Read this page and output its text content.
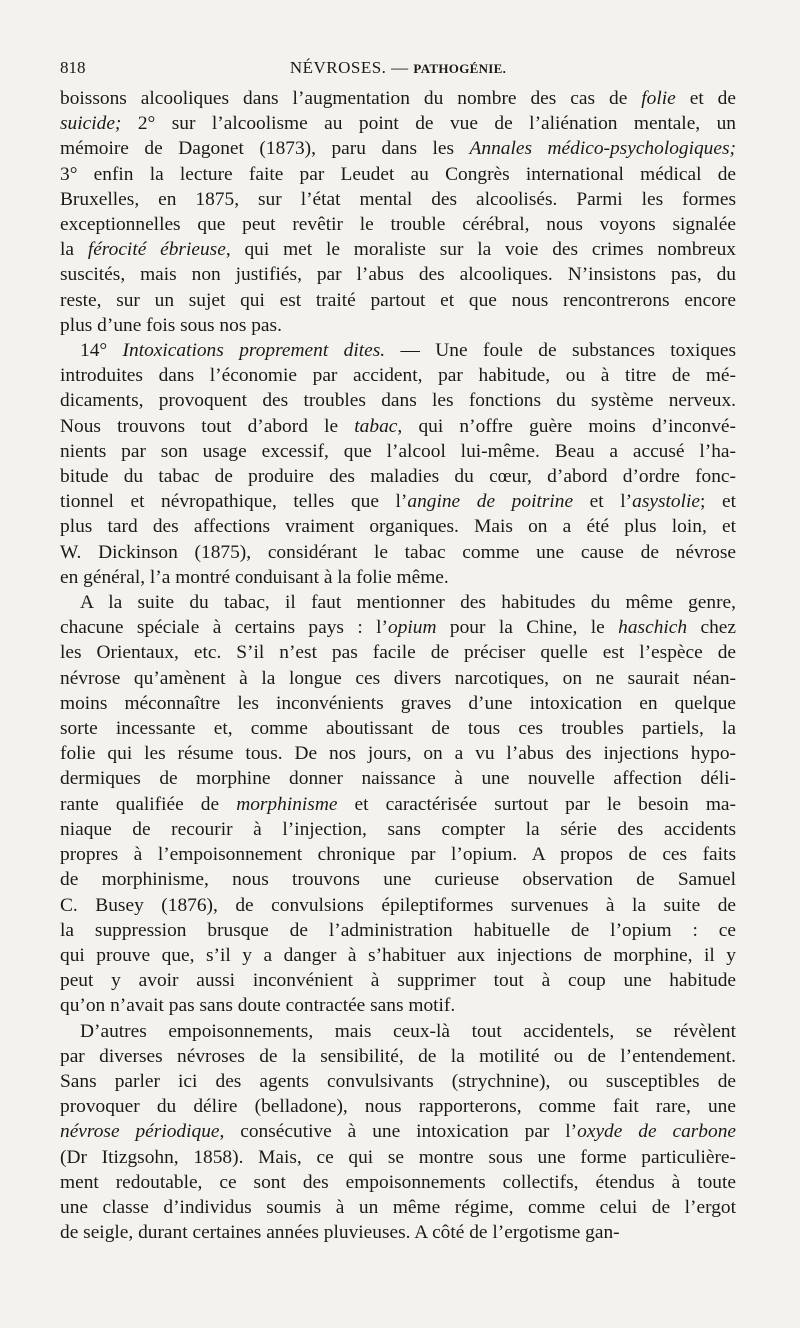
818	NÉVROSES. — PATHOGÉNIE.

boissons alcooliques dans l’augmentation du nombre des cas de folie et de
suicide; 2° sur l’alcoolisme au point de vue de l’aliénation mentale, un
mémoire de Dagonet (1873), paru dans les Annales médico-psychologiques;
3° enfin la lecture faite par Leudet au Congrès international médical de
Bruxelles, en 1875, sur l’état mental des alcoolisés. Parmi les formes
exceptionnelles que peut revêtir le trouble cérébral, nous voyons signalée
la férocité ébrieuse, qui met le moraliste sur la voie des crimes nombreux
suscités, mais non justifiés, par l’abus des alcooliques. N’insistons pas, du
reste, sur un sujet qui est traité partout et que nous rencontrerons encore
plus d’une fois sous nos pas.

14° Intoxications proprement dites. — Une foule de substances toxiques
introduites dans l’économie par accident, par habitude, ou à titre de mé-
dicaments, provoquent des troubles dans les fonctions du système nerveux.
Nous trouvons tout d’abord le tabac, qui n’offre guère moins d’inconvé-
nients par son usage excessif, que l’alcool lui-même. Beau a accusé l’ha-
bitude du tabac de produire des maladies du cœur, d’abord d’ordre fonc-
tionnel et névropathique, telles que l’angine de poitrine et l’asystolie; et
plus tard des affections vraiment organiques. Mais on a été plus loin, et
W. Dickinson (1875), considérant le tabac comme une cause de névrose
en général, l’a montré conduisant à la folie même.

A la suite du tabac, il faut mentionner des habitudes du même genre,
chacune spéciale à certains pays : l’opium pour la Chine, le haschich chez
les Orientaux, etc. S’il n’est pas facile de préciser quelle est l’espèce de
névrose qu’amènent à la longue ces divers narcotiques, on ne saurait néan-
moins méconnaître les inconvénients graves d’une intoxication en quelque
sorte incessante et, comme aboutissant de tous ces troubles partiels, la
folie qui les résume tous. De nos jours, on a vu l’abus des injections hypo-
dermiques de morphine donner naissance à une nouvelle affection déli-
rante qualifiée de morphinisme et caractérisée surtout par le besoin ma-
niaque de recourir à l’injection, sans compter la série des accidents
propres à l’empoisonnement chronique par l’opium. A propos de ces faits
de morphinisme, nous trouvons une curieuse observation de Samuel
C. Busey (1876), de convulsions épileptiformes survenues à la suite de
la suppression brusque de l’administration habituelle de l’opium : ce
qui prouve que, s’il y a danger à s’habituer aux injections de morphine, il y
peut y avoir aussi inconvénient à supprimer tout à coup une habitude
qu’on n’avait pas sans doute contractée sans motif.

D’autres empoisonnements, mais ceux-là tout accidentels, se révèlent
par diverses névroses de la sensibilité, de la motilité ou de l’entendement.
Sans parler ici des agents convulsivants (strychnine), ou susceptibles de
provoquer du délire (belladone), nous rapporterons, comme fait rare, une
névrose périodique, consécutive à une intoxication par l’oxyde de carbone
(Dr Itizgsohn, 1858). Mais, ce qui se montre sous une forme particulière-
ment redoutable, ce sont des empoisonnements collectifs, étendus à toute
une classe d’individus soumis à un même régime, comme celui de l’ergot
de seigle, durant certaines années pluvieuses. A côté de l’ergotisme gan-
